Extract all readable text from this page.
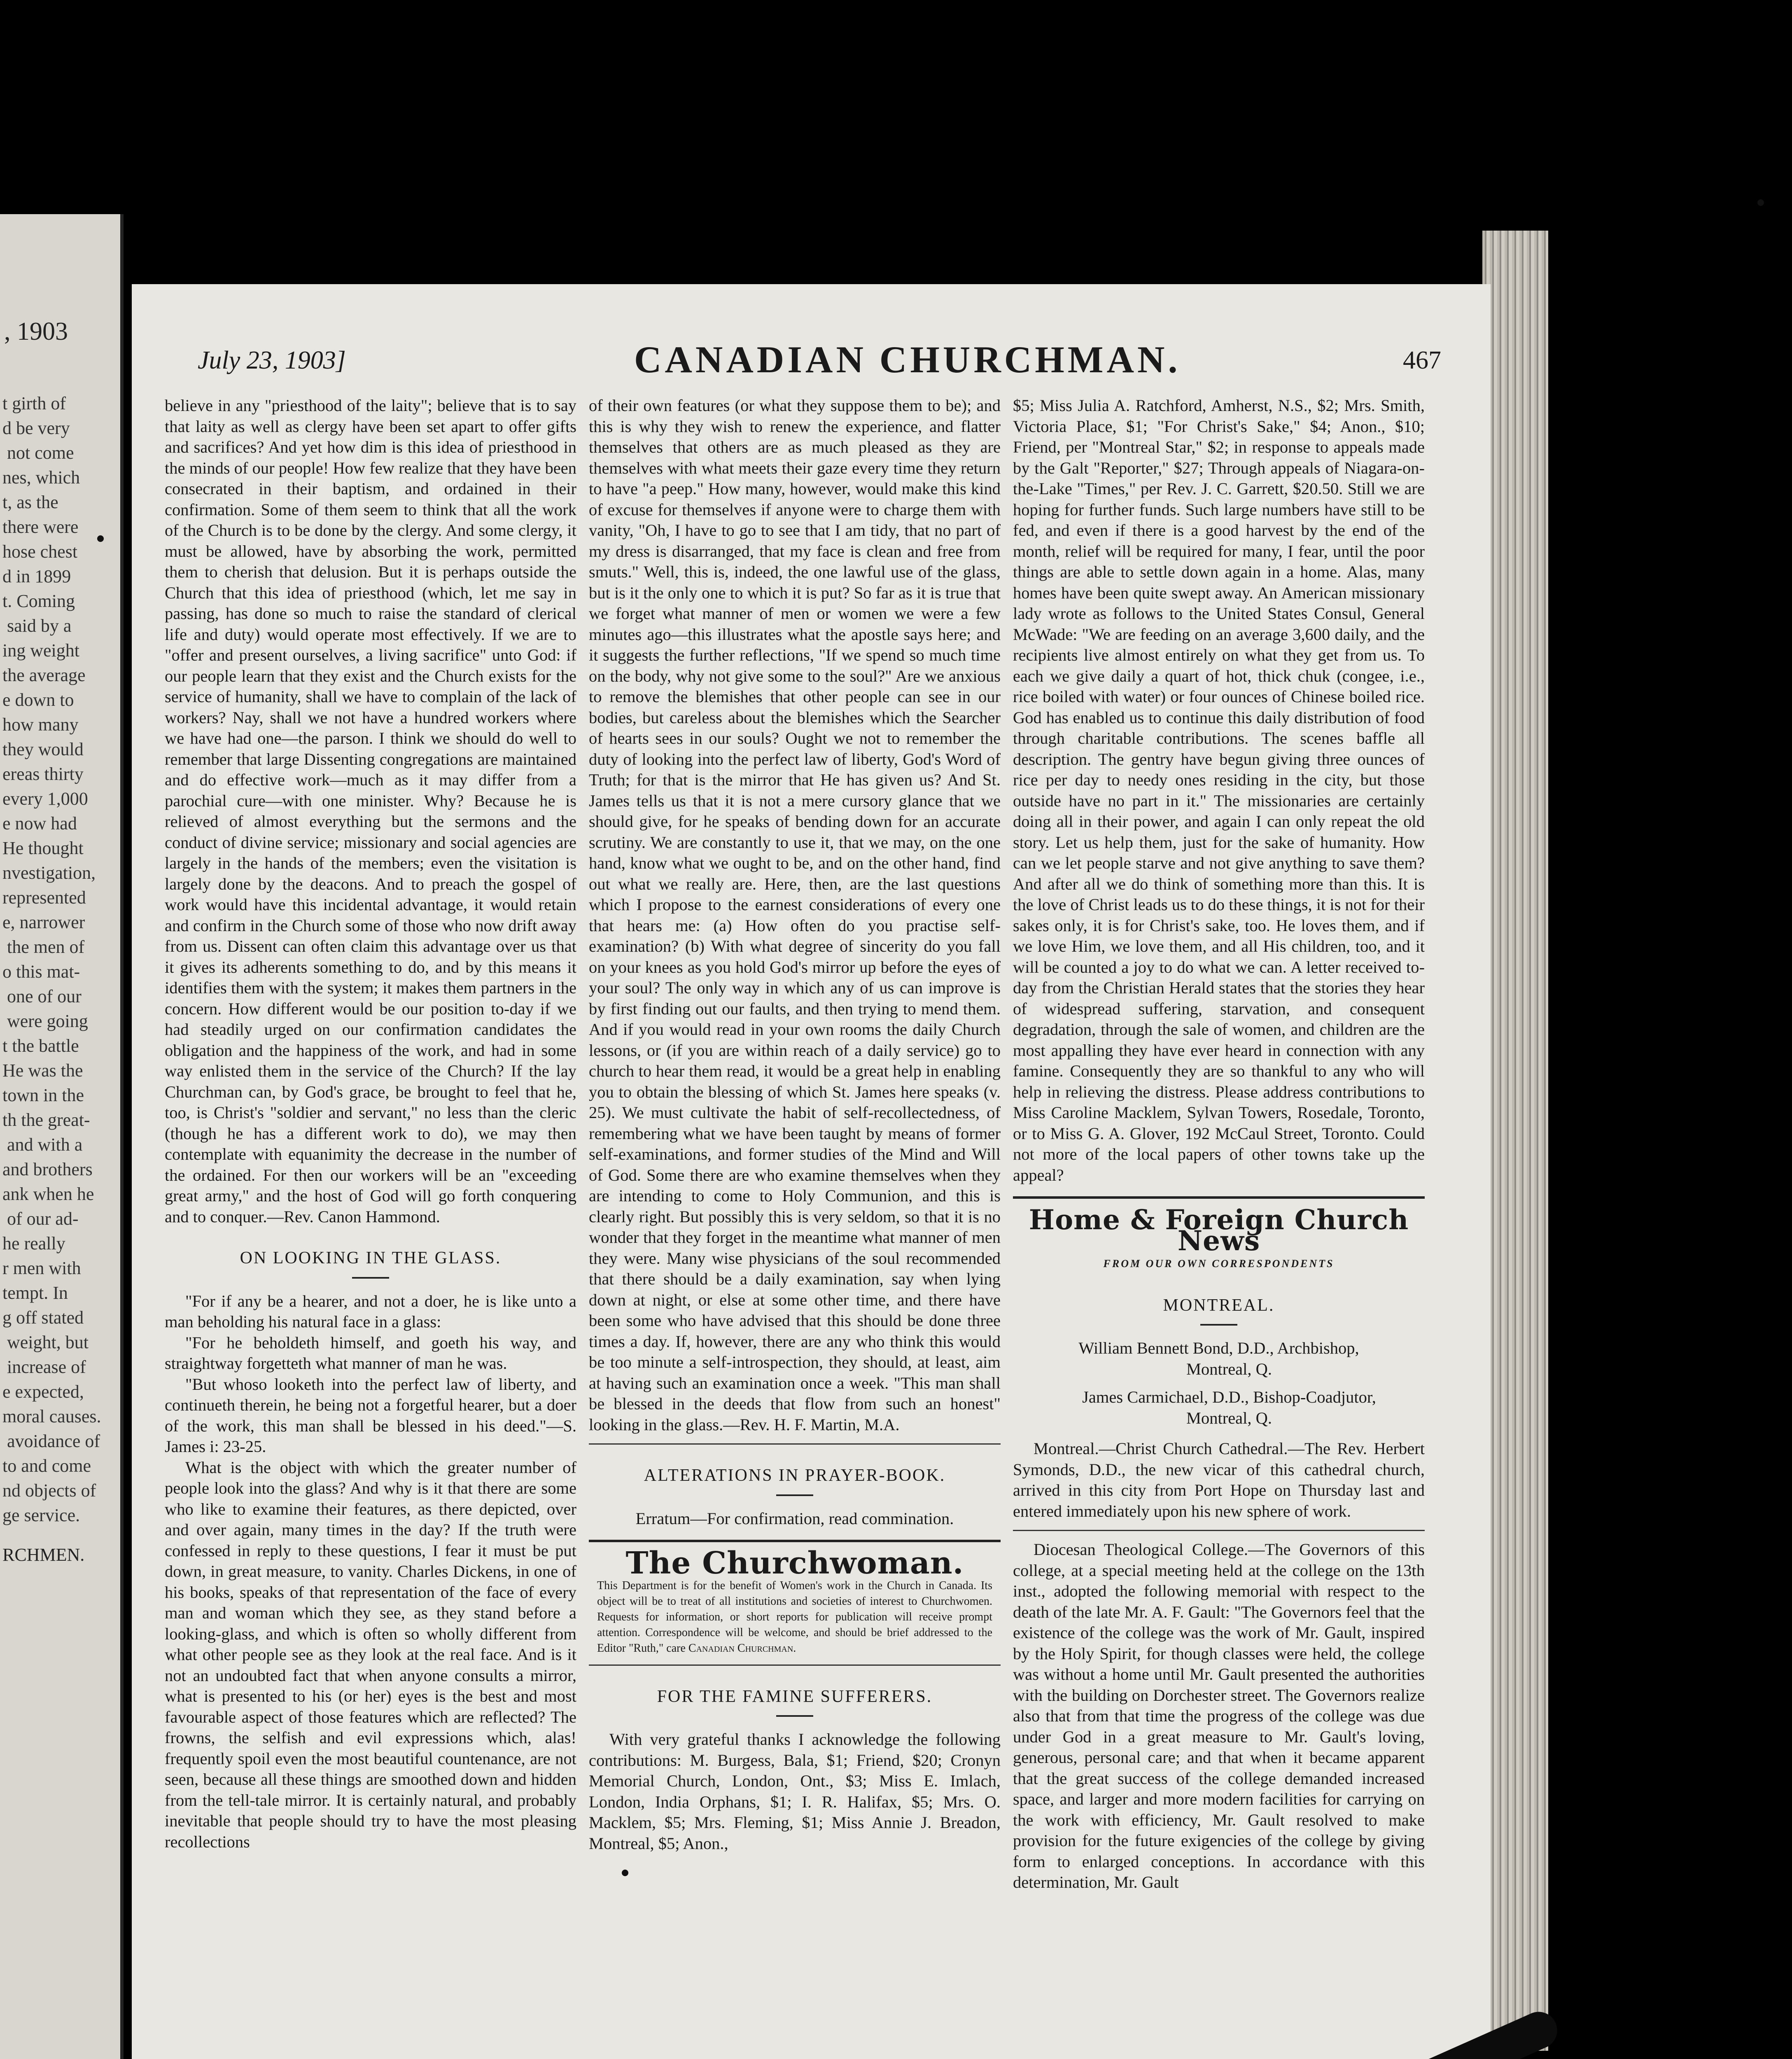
, 1903
t girth of
d be very
not come
nes, which
t, as the
there were
hose chest
d in 1899
t. Coming
said by a
ing weight
the average
e down to
how many
they would
ereas thirty
every 1,000
e now had
He thought
nvestigation,
represented
e, narrower
the men of
o this mat-
one of our
were going
t the battle
He was the
town in the
th the great-
and with a
and brothers
ank when he
of our ad-
he really
r men with
tempt. In
g off stated
weight, but
increase of
e expected,
moral causes.
avoidance of
to and come
nd objects of
ge service.
RCHMEN.
July 23, 1903]	CANADIAN CHURCHMAN.	467

believe in any "priesthood of the laity"; believe that is to say that laity as well as clergy have been set apart to offer gifts and sacrifices? And yet how dim is this idea of priesthood in the minds of our people! How few realize that they have been consecrated in their baptism, and ordained in their confirmation. Some of them seem to think that all the work of the Church is to be done by the clergy. And some clergy, it must be allowed, have by absorbing the work, permitted them to cherish that delusion. But it is perhaps outside the Church that this idea of priesthood (which, let me say in passing, has done so much to raise the standard of clerical life and duty) would operate most effectively. If we are to "offer and present ourselves, a living sacrifice" unto God: if our people learn that they exist and the Church exists for the service of humanity, shall we have to complain of the lack of workers? Nay, shall we not have a hundred workers where we have had one—the parson. I think we should do well to remember that large Dissenting congregations are maintained and do effective work—much as it may differ from a parochial cure—with one minister. Why? Because he is relieved of almost everything but the sermons and the conduct of divine service; missionary and social agencies are largely in the hands of the members; even the visitation is largely done by the deacons. And to preach the gospel of work would have this incidental advantage, it would retain and confirm in the Church some of those who now drift away from us. Dissent can often claim this advantage over us that it gives its adherents something to do, and by this means it identifies them with the system; it makes them partners in the concern. How different would be our position to-day if we had steadily urged on our confirmation candidates the obligation and the happiness of the work, and had in some way enlisted them in the service of the Church? If the lay Churchman can, by God's grace, be brought to feel that he, too, is Christ's "soldier and servant," no less than the cleric (though he has a different work to do), we may then contemplate with equanimity the decrease in the number of the ordained. For then our workers will be an "exceeding great army," and the host of God will go forth conquering and to conquer.—Rev. Canon Hammond.

ON LOOKING IN THE GLASS.

"For if any be a hearer, and not a doer, he is like unto a man beholding his natural face in a glass:

"For he beholdeth himself, and goeth his way, and straightway forgetteth what manner of man he was.

"But whoso looketh into the perfect law of liberty, and continueth therein, he being not a forgetful hearer, but a doer of the work, this man shall be blessed in his deed."—S. James i: 23-25.

What is the object with which the greater number of people look into the glass? And why is it that there are some who like to examine their features, as there depicted, over and over again, many times in the day? If the truth were confessed in reply to these questions, I fear it must be put down, in great measure, to vanity. Charles Dickens, in one of his books, speaks of that representation of the face of every man and woman which they see, as they stand before a looking-glass, and which is often so wholly different from what other people see as they look at the real face. And is it not an undoubted fact that when anyone consults a mirror, what is presented to his (or her) eyes is the best and most favourable aspect of those features which are reflected? The frowns, the selfish and evil expressions which, alas! frequently spoil even the most beautiful countenance, are not seen, because all these things are smoothed down and hidden from the tell-tale mirror. It is certainly natural, and probably inevitable that people should try to have the most pleasing recollections

of their own features (or what they suppose them to be); and this is why they wish to renew the experience, and flatter themselves that others are as much pleased as they are themselves with what meets their gaze every time they return to have "a peep." How many, however, would make this kind of excuse for themselves if anyone were to charge them with vanity, "Oh, I have to go to see that I am tidy, that no part of my dress is disarranged, that my face is clean and free from smuts." Well, this is, indeed, the one lawful use of the glass, but is it the only one to which it is put? So far as it is true that we forget what manner of men or women we were a few minutes ago—this illustrates what the apostle says here; and it suggests the further reflections, "If we spend so much time on the body, why not give some to the soul?" Are we anxious to remove the blemishes that other people can see in our bodies, but careless about the blemishes which the Searcher of hearts sees in our souls? Ought we not to remember the duty of looking into the perfect law of liberty, God's Word of Truth; for that is the mirror that He has given us? And St. James tells us that it is not a mere cursory glance that we should give, for he speaks of bending down for an accurate scrutiny. We are constantly to use it, that we may, on the one hand, know what we ought to be, and on the other hand, find out what we really are. Here, then, are the last questions which I propose to the earnest considerations of every one that hears me: (a) How often do you practise self-examination? (b) With what degree of sincerity do you fall on your knees as you hold God's mirror up before the eyes of your soul? The only way in which any of us can improve is by first finding out our faults, and then trying to mend them. And if you would read in your own rooms the daily Church lessons, or (if you are within reach of a daily service) go to church to hear them read, it would be a great help in enabling you to obtain the blessing of which St. James here speaks (v. 25). We must cultivate the habit of self-recollectedness, of remembering what we have been taught by means of former self-examinations, and former studies of the Mind and Will of God. Some there are who examine themselves when they are intending to come to Holy Communion, and this is clearly right. But possibly this is very seldom, so that it is no wonder that they forget in the meantime what manner of men they were. Many wise physicians of the soul recommended that there should be a daily examination, say when lying down at night, or else at some other time, and there have been some who have advised that this should be done three times a day. If, however, there are any who think this would be too minute a self-introspection, they should, at least, aim at having such an examination once a week. "This man shall be blessed in the deeds that flow from such an honest" looking in the glass.—Rev. H. F. Martin, M.A.

ALTERATIONS IN PRAYER-BOOK.

Erratum—For confirmation, read commination.

The Churchwoman.
This Department is for the benefit of Women's work in the Church in Canada. Its object will be to treat of all institutions and societies of interest to Churchwomen. Requests for information, or short reports for publication will receive prompt attention. Correspondence will be welcome, and should be brief addressed to the Editor "Ruth," care Canadian Churchman.
FOR THE FAMINE SUFFERERS.

With very grateful thanks I acknowledge the following contributions: M. Burgess, Bala, $1; Friend, $20; Cronyn Memorial Church, London, Ont., $3; Miss E. Imlach, London, India Orphans, $1; I. R. Halifax, $5; Mrs. O. Macklem, $5; Mrs. Fleming, $1; Miss Annie J. Breadon, Montreal, $5; Anon.,

$5; Miss Julia A. Ratchford, Amherst, N.S., $2; Mrs. Smith, Victoria Place, $1; "For Christ's Sake," $4; Anon., $10; Friend, per "Montreal Star," $2; in response to appeals made by the Galt "Reporter," $27; Through appeals of Niagara-on-the-Lake "Times," per Rev. J. C. Garrett, $20.50. Still we are hoping for further funds. Such large numbers have still to be fed, and even if there is a good harvest by the end of the month, relief will be required for many, I fear, until the poor things are able to settle down again in a home. Alas, many homes have been quite swept away. An American missionary lady wrote as follows to the United States Consul, General McWade: "We are feeding on an average 3,600 daily, and the recipients live almost entirely on what they get from us. To each we give daily a quart of hot, thick chuk (congee, i.e., rice boiled with water) or four ounces of Chinese boiled rice. God has enabled us to continue this daily distribution of food through charitable contributions. The scenes baffle all description. The gentry have begun giving three ounces of rice per day to needy ones residing in the city, but those outside have no part in it." The missionaries are certainly doing all in their power, and again I can only repeat the old story. Let us help them, just for the sake of humanity. How can we let people starve and not give anything to save them? And after all we do think of something more than this. It is the love of Christ leads us to do these things, it is not for their sakes only, it is for Christ's sake, too. He loves them, and if we love Him, we love them, and all His children, too, and it will be counted a joy to do what we can. A letter received to-day from the Christian Herald states that the stories they hear of widespread suffering, starvation, and consequent degradation, through the sale of women, and children are the most appalling they have ever heard in connection with any famine. Consequently they are so thankful to any who will help in relieving the distress. Please address contributions to Miss Caroline Macklem, Sylvan Towers, Rosedale, Toronto, or to Miss G. A. Glover, 192 McCaul Street, Toronto. Could not more of the local papers of other towns take up the appeal?

Home & Foreign Church News
FROM OUR OWN CORRESPONDENTS
MONTREAL.

William Bennett Bond, D.D., Archbishop,

Montreal, Q.

James Carmichael, D.D., Bishop-Coadjutor,

Montreal, Q.

Montreal.—Christ Church Cathedral.—The Rev. Herbert Symonds, D.D., the new vicar of this cathedral church, arrived in this city from Port Hope on Thursday last and entered immediately upon his new sphere of work.

Diocesan Theological College.—The Governors of this college, at a special meeting held at the college on the 13th inst., adopted the following memorial with respect to the death of the late Mr. A. F. Gault: "The Governors feel that the existence of the college was the work of Mr. Gault, inspired by the Holy Spirit, for though classes were held, the college was without a home until Mr. Gault presented the authorities with the building on Dorchester street. The Governors realize also that from that time the progress of the college was due under God in a great measure to Mr. Gault's loving, generous, personal care; and that when it became apparent that the great success of the college demanded increased space, and larger and more modern facilities for carrying on the work with efficiency, Mr. Gault resolved to make provision for the future exigencies of the college by giving form to enlarged conceptions. In accordance with this determination, Mr. Gault
